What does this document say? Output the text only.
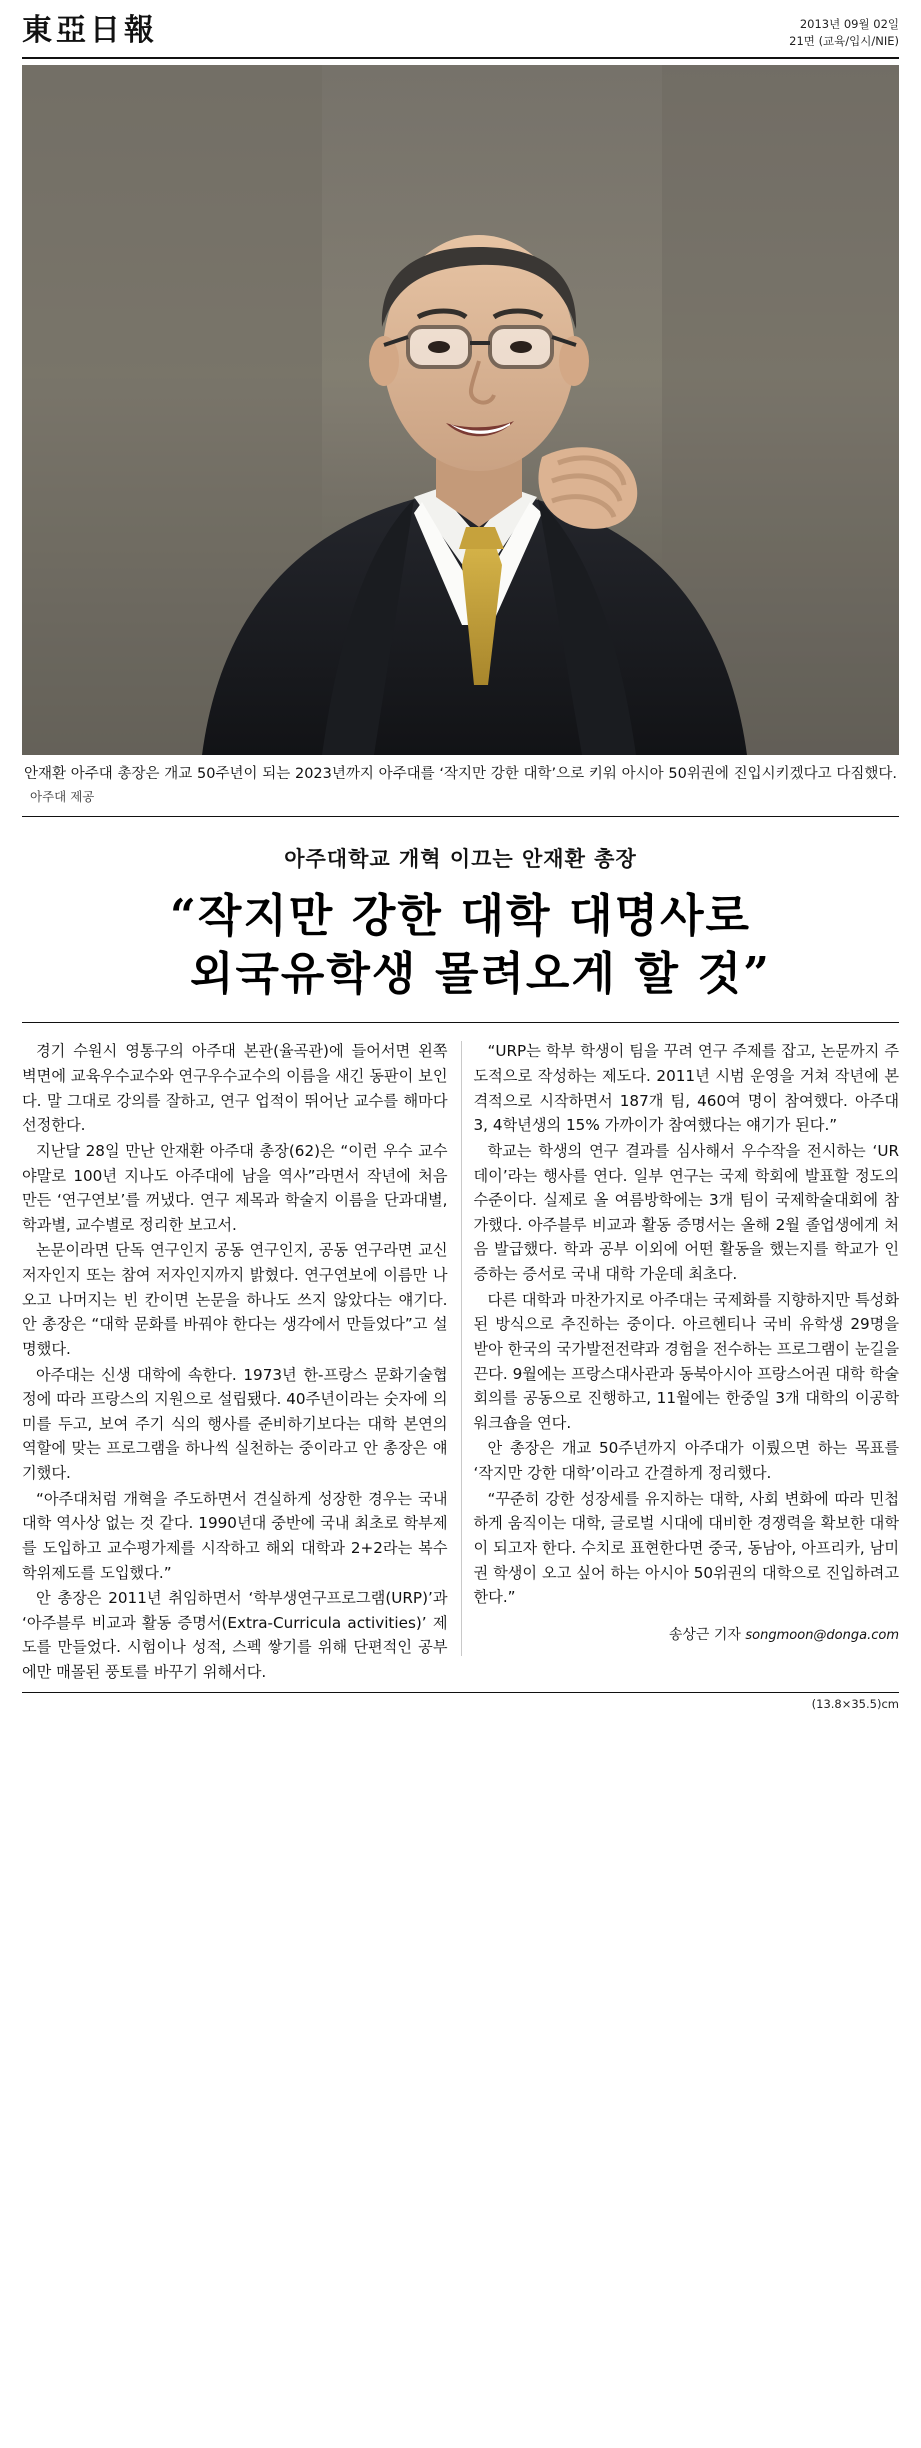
東亞日報	2013년 09월 02일
21면 (교육/입시/NIE)
안재환 아주대 총장은 개교 50주년이 되는 2023년까지 아주대를 ‘작지만 강한 대학’으로 키워 아시아 50위권에 진입시키겠다고 다짐했다.아주대 제공
아주대학교 개혁 이끄는 안재환 총장
“작지만 강한 대학 대명사로
외국유학생 몰려오게 할 것”

경기 수원시 영통구의 아주대 본관(율곡관)에 들어서면 왼쪽 벽면에 교육우수교수와 연구우수교수의 이름을 새긴 동판이 보인다. 말 그대로 강의를 잘하고, 연구 업적이 뛰어난 교수를 해마다 선정한다.

지난달 28일 만난 안재환 아주대 총장(62)은 “이런 우수 교수야말로 100년 지나도 아주대에 남을 역사”라면서 작년에 처음 만든 ‘연구연보’를 꺼냈다. 연구 제목과 학술지 이름을 단과대별, 학과별, 교수별로 정리한 보고서.

논문이라면 단독 연구인지 공동 연구인지, 공동 연구라면 교신 저자인지 또는 참여 저자인지까지 밝혔다. 연구연보에 이름만 나오고 나머지는 빈 칸이면 논문을 하나도 쓰지 않았다는 얘기다. 안 총장은 “대학 문화를 바꿔야 한다는 생각에서 만들었다”고 설명했다.

아주대는 신생 대학에 속한다. 1973년 한-프랑스 문화기술협정에 따라 프랑스의 지원으로 설립됐다. 40주년이라는 숫자에 의미를 두고, 보여 주기 식의 행사를 준비하기보다는 대학 본연의 역할에 맞는 프로그램을 하나씩 실천하는 중이라고 안 총장은 얘기했다.

“아주대처럼 개혁을 주도하면서 견실하게 성장한 경우는 국내 대학 역사상 없는 것 같다. 1990년대 중반에 국내 최초로 학부제를 도입하고 교수평가제를 시작하고 해외 대학과 2+2라는 복수학위제도를 도입했다.”

안 총장은 2011년 취임하면서 ‘학부생연구프로그램(URP)’과 ‘아주블루 비교과 활동 증명서(Extra-Curricula activities)’ 제도를 만들었다. 시험이나 성적, 스펙 쌓기를 위해 단편적인 공부에만 매몰된 풍토를 바꾸기 위해서다.

“URP는 학부 학생이 팀을 꾸려 연구 주제를 잡고, 논문까지 주도적으로 작성하는 제도다. 2011년 시범 운영을 거쳐 작년에 본격적으로 시작하면서 187개 팀, 460여 명이 참여했다. 아주대 3, 4학년생의 15% 가까이가 참여했다는 얘기가 된다.”

학교는 학생의 연구 결과를 심사해서 우수작을 전시하는 ‘UR 데이’라는 행사를 연다. 일부 연구는 국제 학회에 발표할 정도의 수준이다. 실제로 올 여름방학에는 3개 팀이 국제학술대회에 참가했다. 아주블루 비교과 활동 증명서는 올해 2월 졸업생에게 처음 발급했다. 학과 공부 이외에 어떤 활동을 했는지를 학교가 인증하는 증서로 국내 대학 가운데 최초다.

다른 대학과 마찬가지로 아주대는 국제화를 지향하지만 특성화된 방식으로 추진하는 중이다. 아르헨티나 국비 유학생 29명을 받아 한국의 국가발전전략과 경험을 전수하는 프로그램이 눈길을 끈다. 9월에는 프랑스대사관과 동북아시아 프랑스어권 대학 학술회의를 공동으로 진행하고, 11월에는 한중일 3개 대학의 이공학 워크숍을 연다.

안 총장은 개교 50주년까지 아주대가 이뤘으면 하는 목표를 ‘작지만 강한 대학’이라고 간결하게 정리했다.

“꾸준히 강한 성장세를 유지하는 대학, 사회 변화에 따라 민첩하게 움직이는 대학, 글로벌 시대에 대비한 경쟁력을 확보한 대학이 되고자 한다. 수치로 표현한다면 중국, 동남아, 아프리카, 남미권 학생이 오고 싶어 하는 아시아 50위권의 대학으로 진입하려고 한다.”

송상근 기자 songmoon@donga.com
(13.8×35.5)cm
